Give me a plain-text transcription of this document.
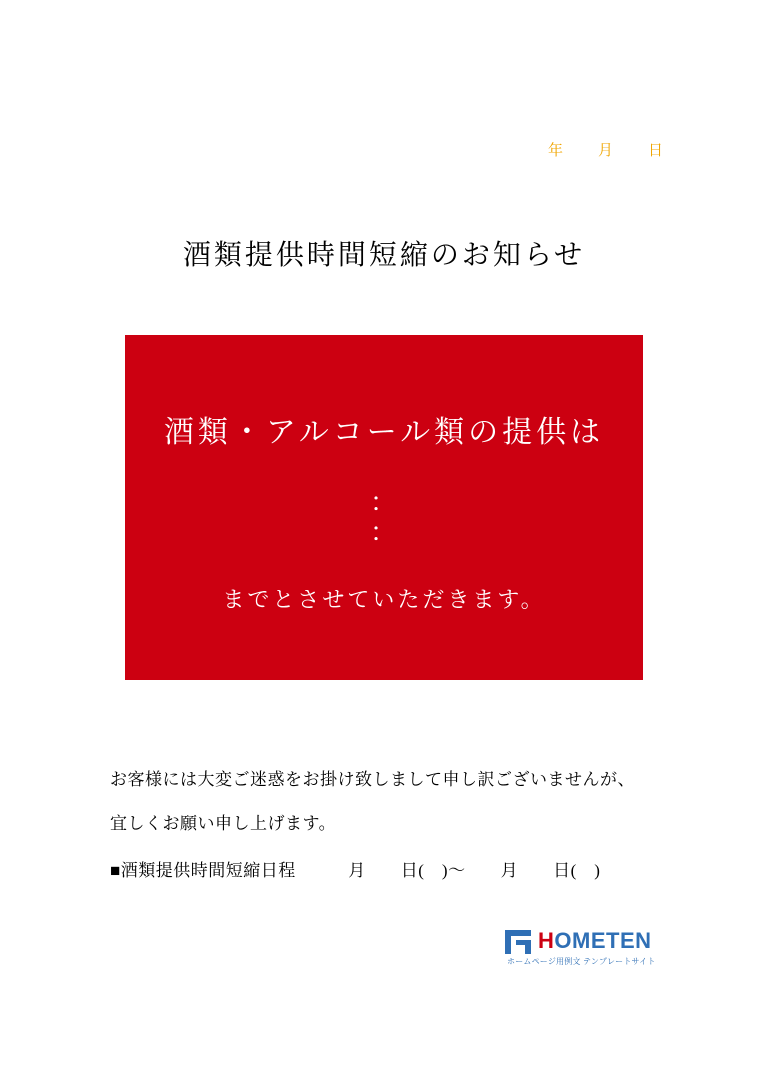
年 月 日
酒類提供時間短縮のお知らせ
酒類・アルコール類の提供は
：
：
までとさせていただきます。
お客様には大変ご迷惑をお掛け致しまして申し訳ございませんが、
宜しくお願い申し上げます。
■酒類提供時間短縮日程　　　月　　日(　)〜　　月　　日(　)
HOMETEN
ホームページ用例文 テンプレートサイト
